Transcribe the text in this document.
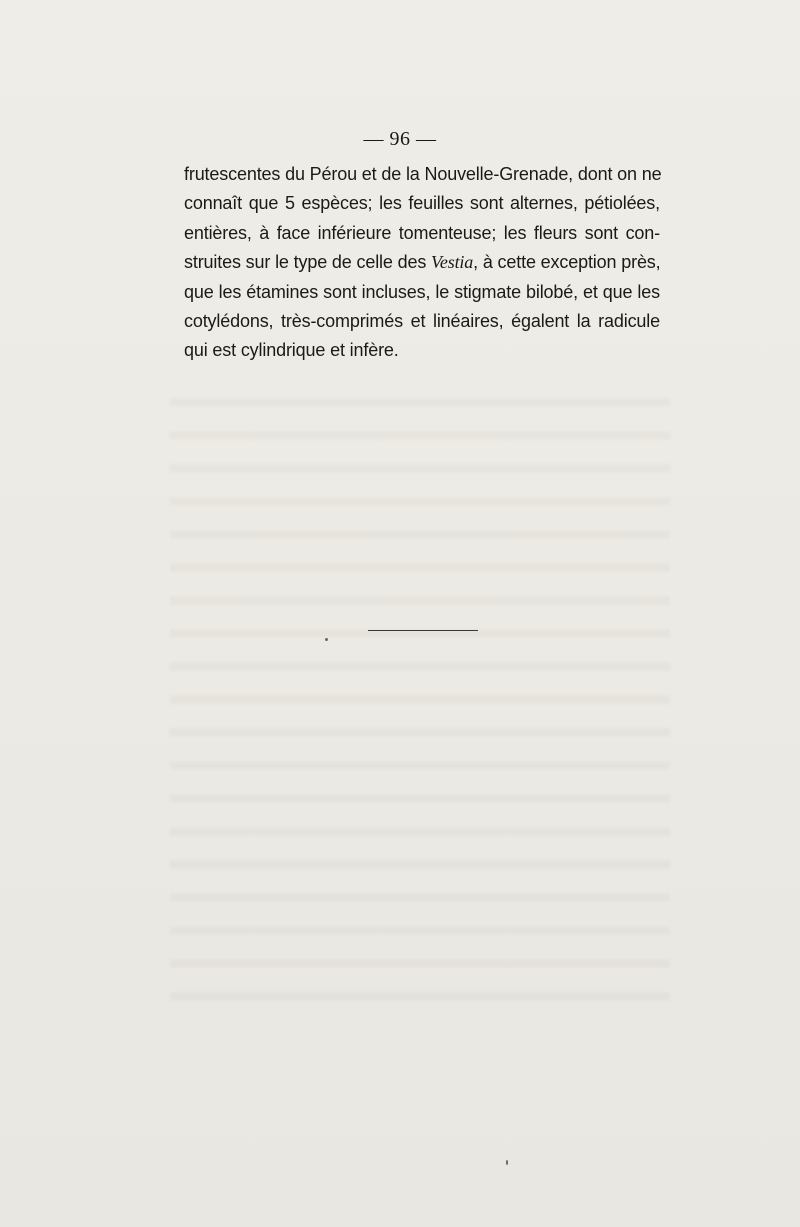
— 96 —
frutescentes du Pérou et de la Nouvelle-Grenade, dont on ne
connaît que 5 espèces; les feuilles sont alternes, pétiolées,
entières, à face inférieure tomenteuse; les fleurs sont con-
struites sur le type de celle des Vestia, à cette exception près,
que les étamines sont incluses, le stigmate bilobé, et que les
cotylédons, très-comprimés et linéaires, égalent la radicule
qui est cylindrique et infère.
